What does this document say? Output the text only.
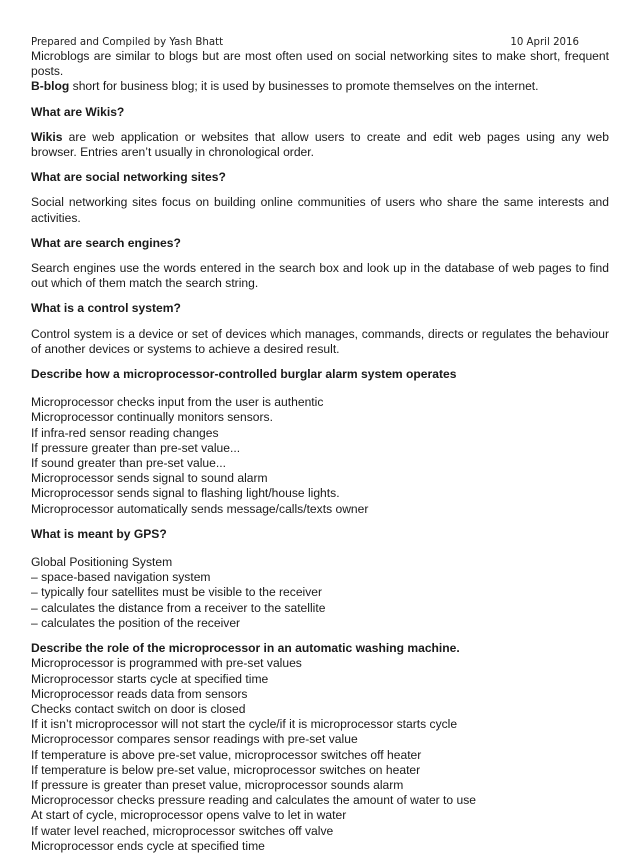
Prepared and Compiled by Yash Bhatt	10 April 2016

Microblogs are similar to blogs but are most often used on social networking sites to make short, frequent posts.

B-blog short for business blog; it is used by businesses to promote themselves on the internet.

What are Wikis?

Wikis are web application or websites that allow users to create and edit web pages using any web browser. Entries aren’t usually in chronological order.

What are social networking sites?

Social networking sites focus on building online communities of users who share the same interests and activities.

What are search engines?

Search engines use the words entered in the search box and look up in the database of web pages to find out which of them match the search string.

What is a control system?

Control system is a device or set of devices which manages, commands, directs or regulates the behaviour of another devices or systems to achieve a desired result.

Describe how a microprocessor-controlled burglar alarm system operates

Microprocessor checks input from the user is authentic

Microprocessor continually monitors sensors.

If infra-red sensor reading changes

If pressure greater than pre-set value...

If sound greater than pre-set value...

Microprocessor sends signal to sound alarm

Microprocessor sends signal to flashing light/house lights.

Microprocessor automatically sends message/calls/texts owner

What is meant by GPS?

Global Positioning System

– space-based navigation system

– typically four satellites must be visible to the receiver

– calculates the distance from a receiver to the satellite

– calculates the position of the receiver

Describe the role of the microprocessor in an automatic washing machine.

Microprocessor is programmed with pre-set values

Microprocessor starts cycle at specified time

Microprocessor reads data from sensors

Checks contact switch on door is closed

If it isn’t microprocessor will not start the cycle/if it is microprocessor starts cycle

Microprocessor compares sensor readings with pre-set value

If temperature is above pre-set value, microprocessor switches off heater

If temperature is below pre-set value, microprocessor switches on heater

If pressure is greater than preset value, microprocessor sounds alarm

Microprocessor checks pressure reading and calculates the amount of water to use

At start of cycle, microprocessor opens valve to let in water

If water level reached, microprocessor switches off valve

Microprocessor ends cycle at specified time
